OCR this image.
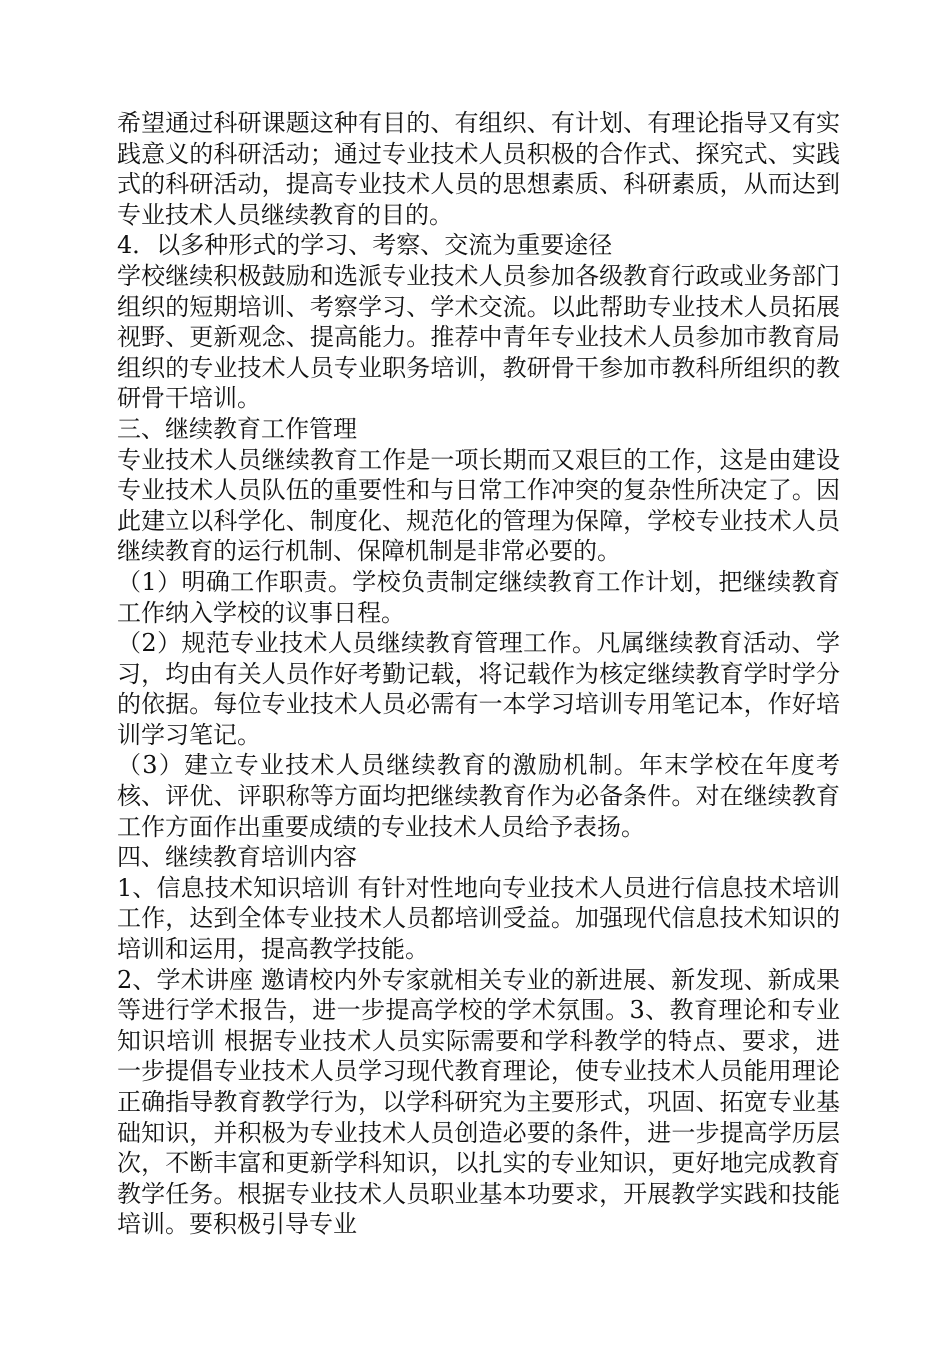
希望通过科研课题这种有目的、有组织、有计划、有理论指导又有实践意义的科研活动；通过专业技术人员积极的合作式、探究式、实践式的科研活动，提高专业技术人员的思想素质、科研素质，从而达到专业技术人员继续教育的目的。

4．以多种形式的学习、考察、交流为重要途径

学校继续积极鼓励和选派专业技术人员参加各级教育行政或业务部门组织的短期培训、考察学习、学术交流。以此帮助专业技术人员拓展视野、更新观念、提高能力。推荐中青年专业技术人员参加市教育局组织的专业技术人员专业职务培训，教研骨干参加市教科所组织的教研骨干培训。

三、继续教育工作管理

专业技术人员继续教育工作是一项长期而又艰巨的工作，这是由建设专业技术人员队伍的重要性和与日常工作冲突的复杂性所决定了。因此建立以科学化、制度化、规范化的管理为保障，学校专业技术人员继续教育的运行机制、保障机制是非常必要的。

（1）明确工作职责。学校负责制定继续教育工作计划，把继续教育工作纳入学校的议事日程。

（2）规范专业技术人员继续教育管理工作。凡属继续教育活动、学习，均由有关人员作好考勤记载，将记载作为核定继续教育学时学分的依据。每位专业技术人员必需有一本学习培训专用笔记本，作好培训学习笔记。

（3）建立专业技术人员继续教育的激励机制。年末学校在年度考核、评优、评职称等方面均把继续教育作为必备条件。对在继续教育工作方面作出重要成绩的专业技术人员给予表扬。

四、继续教育培训内容

1、信息技术知识培训 有针对性地向专业技术人员进行信息技术培训工作，达到全体专业技术人员都培训受益。加强现代信息技术知识的培训和运用，提高教学技能。

2、学术讲座 邀请校内外专家就相关专业的新进展、新发现、新成果等进行学术报告，进一步提高学校的学术氛围。3、教育理论和专业知识培训 根据专业技术人员实际需要和学科教学的特点、要求，进一步提倡专业技术人员学习现代教育理论，使专业技术人员能用理论正确指导教育教学行为，以学科研究为主要形式，巩固、拓宽专业基础知识，并积极为专业技术人员创造必要的条件，进一步提高学历层次，不断丰富和更新学科知识，以扎实的专业知识，更好地完成教育教学任务。根据专业技术人员职业基本功要求，开展教学实践和技能培训。要积极引导专业
